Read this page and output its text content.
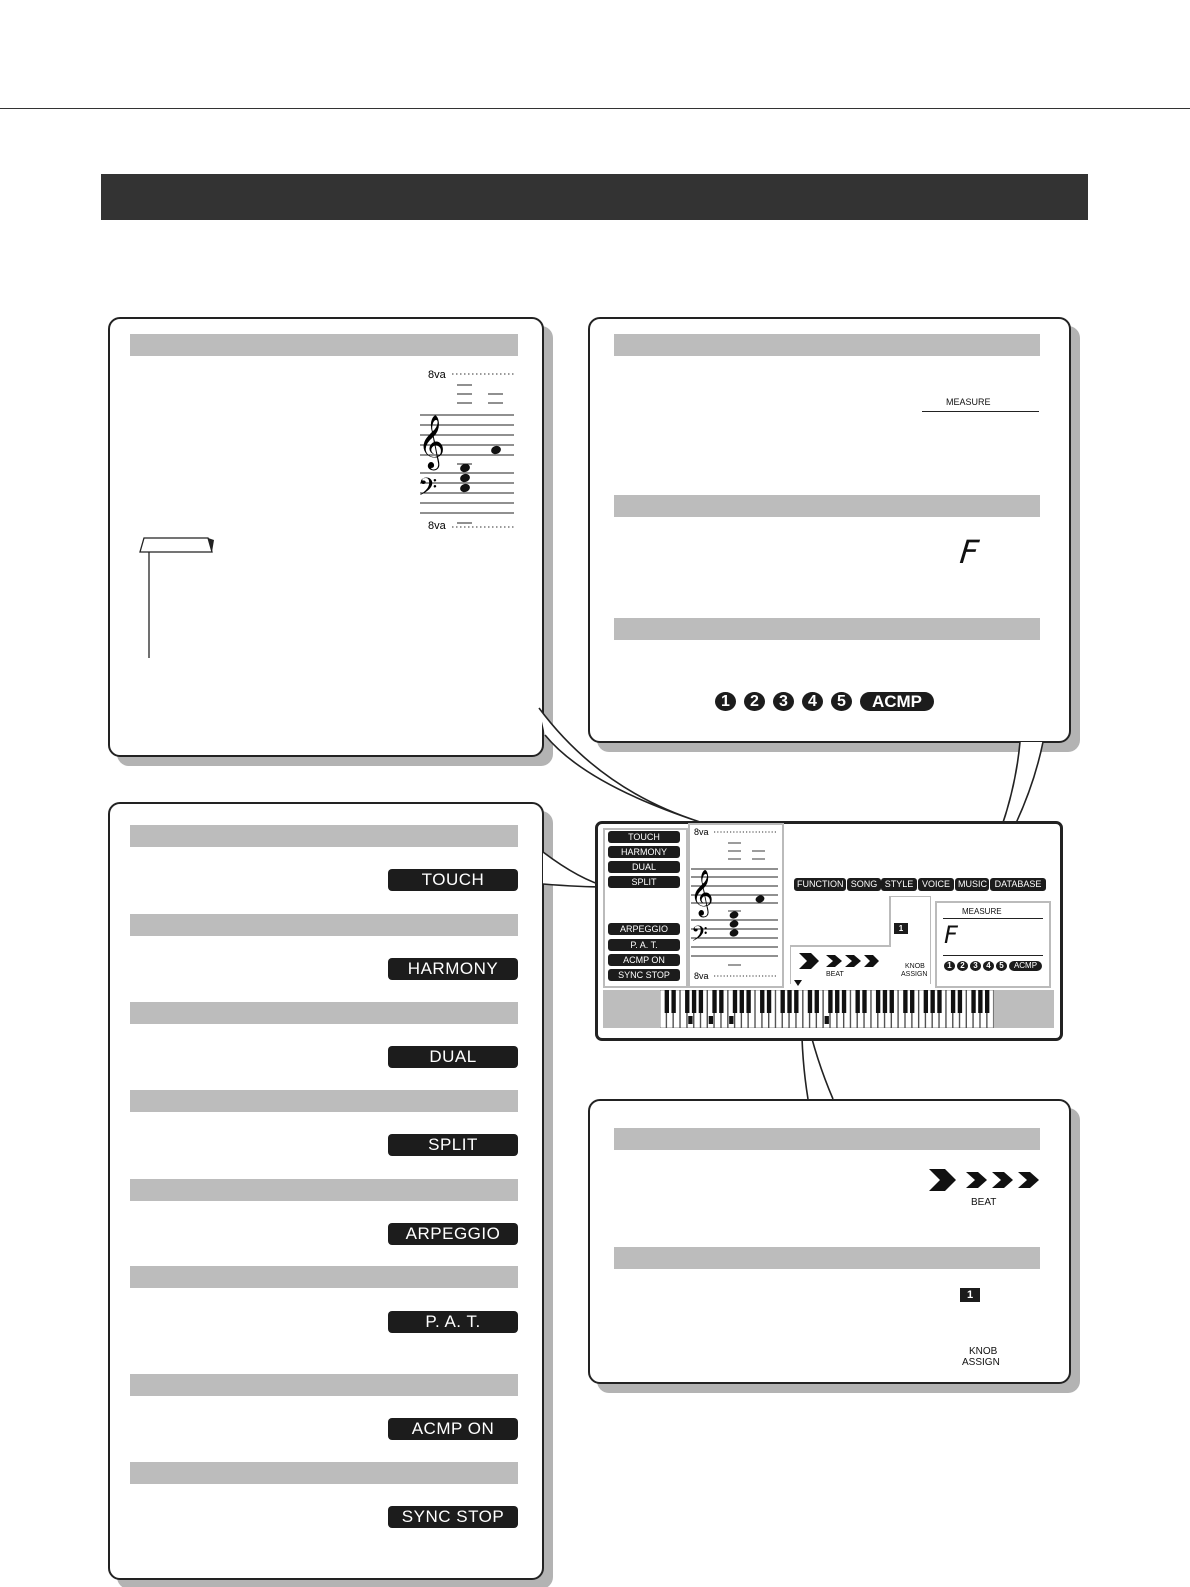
8va
𝄞
𝄢
8va
MEASURE
F
1	2	3	4	5	ACMP
TOUCH
HARMONY
DUAL
SPLIT
ARPEGGIO
P. A. T.
ACMP ON
SYNC STOP
BEAT
1
KNOB
ASSIGN
TOUCH
HARMONY
DUAL
SPLIT
ARPEGGIO
P. A. T.
ACMP ON
SYNC STOP
8va
𝄞
𝄢
8va
FUNCTION SONG STYLE VOICE MUSIC DATABASE
1
BEAT
KNOB
ASSIGN
MEASURE
F
1	2	3	4	5	ACMP
